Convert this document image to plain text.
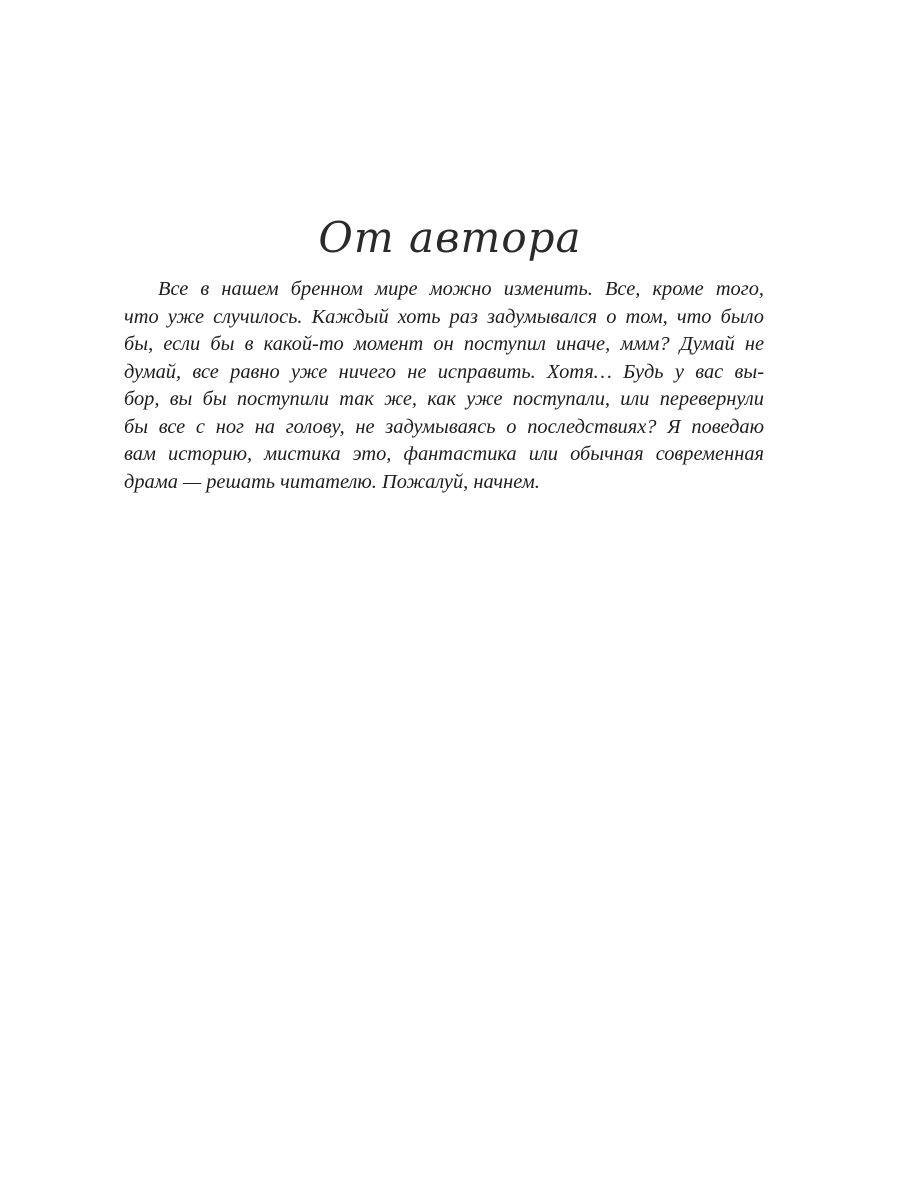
От автора

Все в нашем бренном мире можно изменить. Все, кроме того,
что уже случилось. Каждый хоть раз задумывался о том, что было
бы, если бы в какой-то момент он поступил иначе, ммм? Думай не
думай, все равно уже ничего не исправить. Хотя… Будь у вас вы-
бор, вы бы поступили так же, как уже поступали, или перевернули
бы все с ног на голову, не задумываясь о последствиях? Я поведаю
вам историю, мистика это, фантастика или обычная современная
драма — решать читателю. Пожалуй, начнем.
